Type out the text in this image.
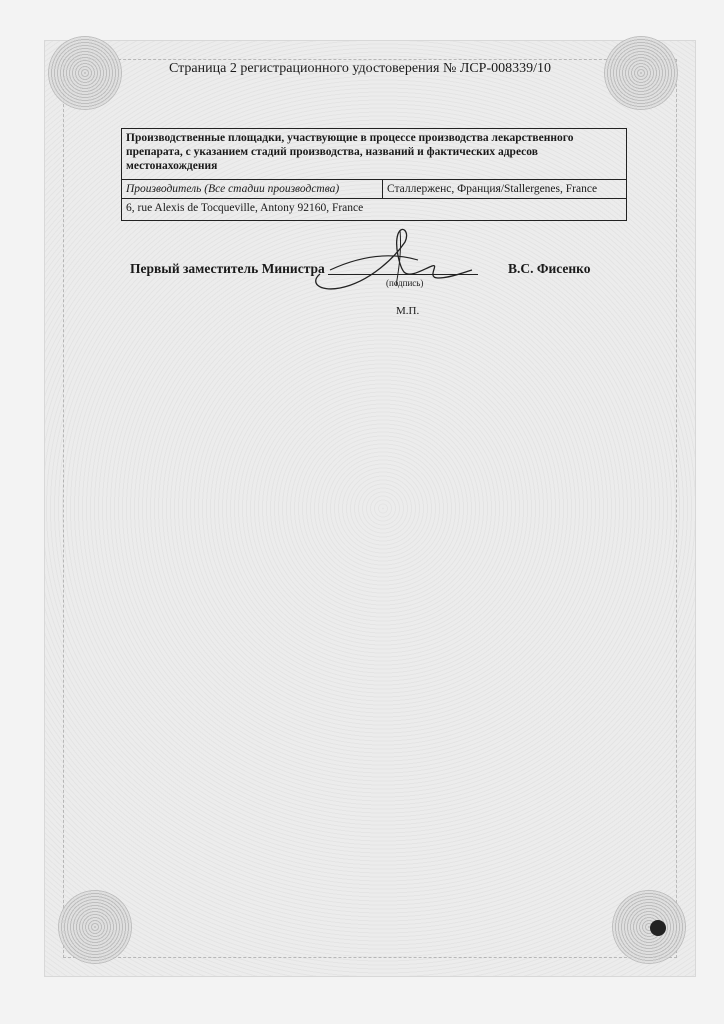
Страница 2 регистрационного удостоверения № ЛСР-008339/10
Производственные площадки, участвующие в процессе производства лекарственного препарата, с указанием стадий производства, названий и фактических адресов местонахождения
Производитель (Все стадии производства)	Сталлерженс, Франция/Stallergenes, France
6, rue Alexis de Tocqueville, Antony 92160, France
Первый заместитель Министра
(подпись)
В.С. Фисенко
М.П.
